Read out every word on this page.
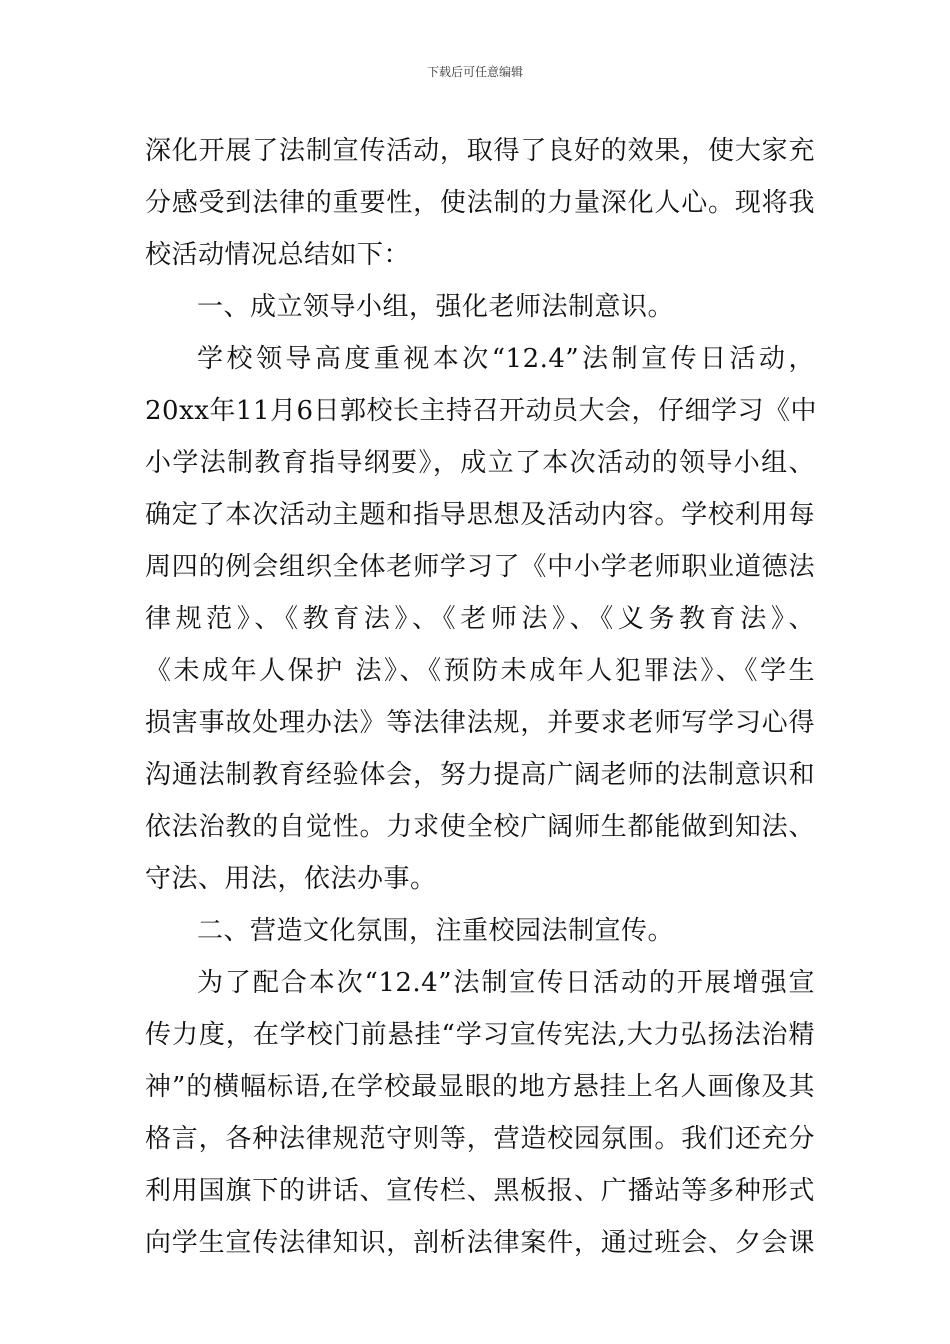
下载后可任意编辑
深化开展了法制宣传活动，取得了良好的效果，使大家充
分感受到法律的重要性，使法制的力量深化人心。现将我
校活动情况总结如下：
一、成立领导小组，强化老师法制意识。
学校领导高度重视本次“12.4”法制宣传日活动，
20xx年11月6日郭校长主持召开动员大会，仔细学习《中
小学法制教育指导纲要》，成立了本次活动的领导小组、
确定了本次活动主题和指导思想及活动内容。学校利用每
周四的例会组织全体老师学习了《中小学老师职业道德法
律规范》、《教育法》、《老师法》、《义务教育法》、
《未成年人保护 法》、《预防未成年人犯罪法》、《学生
损害事故处理办法》等法律法规，并要求老师写学习心得
沟通法制教育经验体会，努力提高广阔老师的法制意识和
依法治教的自觉性。力求使全校广阔师生都能做到知法、
守法、用法，依法办事。
二、营造文化氛围，注重校园法制宣传。
为了配合本次“12.4”法制宣传日活动的开展增强宣
传力度，在学校门前悬挂“学习宣传宪法,大力弘扬法治精
神”的横幅标语,在学校最显眼的地方悬挂上名人画像及其
格言，各种法律规范守则等，营造校园氛围。我们还充分
利用国旗下的讲话、宣传栏、黑板报、广播站等多种形式
向学生宣传法律知识，剖析法律案件，通过班会、夕会课
